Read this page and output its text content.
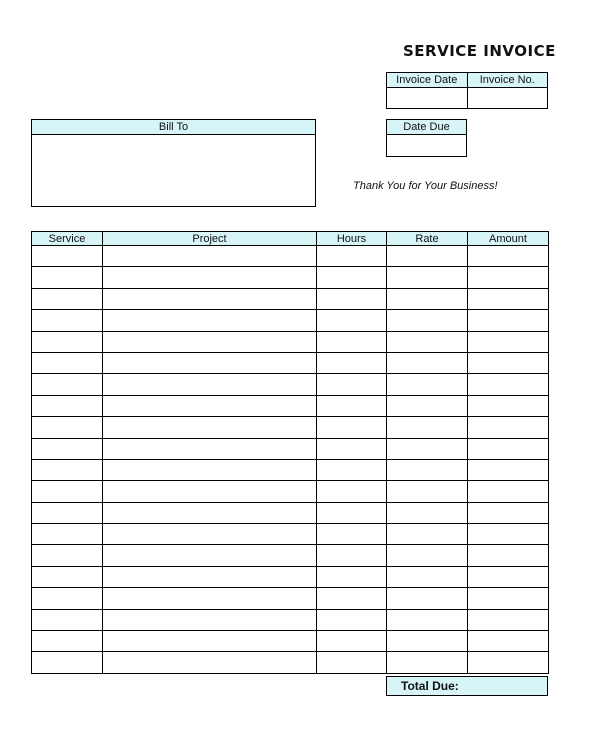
SERVICE INVOICE
Invoice Date	Invoice No.

Date Due

Bill To
Thank You for Your Business!
Service	Project	Hours	Rate	Amount

Total Due:
